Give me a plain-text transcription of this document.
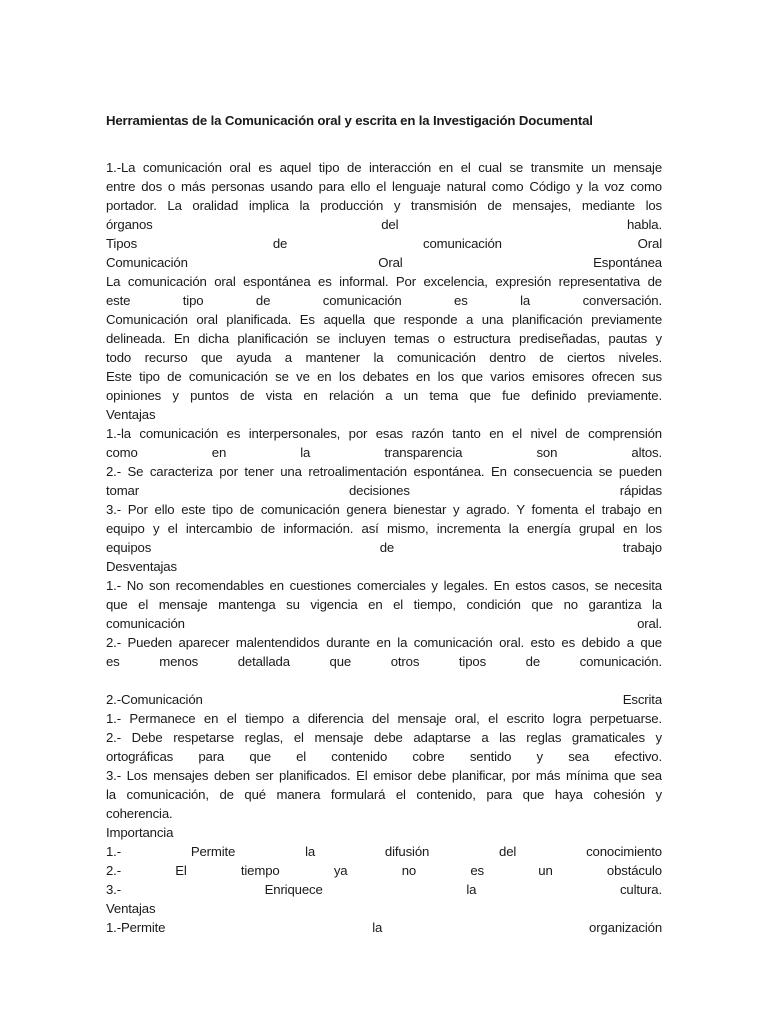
Herramientas de la Comunicación oral y escrita en la Investigación Documental
1.-La comunicación oral es aquel tipo de interacción en el cual se transmite un mensaje
entre dos o más personas usando para ello el lenguaje natural como Código y la voz como
portador. La oralidad implica la producción y transmisión de mensajes, mediante los
órganos del habla.
Tipos de comunicación Oral
Comunicación Oral Espontánea
La comunicación oral espontánea es informal. Por excelencia, expresión representativa de
este tipo de comunicación es la conversación.
Comunicación oral planificada. Es aquella que responde a una planificación previamente
delineada. En dicha planificación se incluyen temas o estructura prediseñadas, pautas y
todo recurso que ayuda a mantener la comunicación dentro de ciertos niveles.
Este tipo de comunicación se ve en los debates en los que varios emisores ofrecen sus
opiniones y puntos de vista en relación a un tema que fue definido previamente.
Ventajas
1.-la comunicación es interpersonales, por esas razón tanto en el nivel de comprensión
como en la transparencia son altos.
2.- Se caracteriza por tener una retroalimentación espontánea. En consecuencia se pueden
tomar decisiones rápidas
3.- Por ello este tipo de comunicación genera bienestar y agrado. Y fomenta el trabajo en
equipo y el intercambio de información. así mismo, incrementa la energía grupal en los
equipos de trabajo
Desventajas
1.- No son recomendables en cuestiones comerciales y legales. En estos casos, se necesita
que el mensaje mantenga su vigencia en el tiempo, condición que no garantiza la
comunicación oral.
2.- Pueden aparecer malentendidos durante en la comunicación oral. esto es debido a que
es menos detallada que otros tipos de comunicación.
2.-Comunicación Escrita
1.- Permanece en el tiempo a diferencia del mensaje oral, el escrito logra perpetuarse.
2.- Debe respetarse reglas, el mensaje debe adaptarse a las reglas gramaticales y
ortográficas para que el contenido cobre sentido y sea efectivo.
3.- Los mensajes deben ser planificados. El emisor debe planificar, por más mínima que sea
la comunicación, de qué manera formulará el contenido, para que haya cohesión y
coherencia.
Importancia
1.- Permite la difusión del conocimiento
2.- El tiempo ya no es un obstáculo
3.- Enriquece la cultura.
Ventajas
1.-Permite la organización
